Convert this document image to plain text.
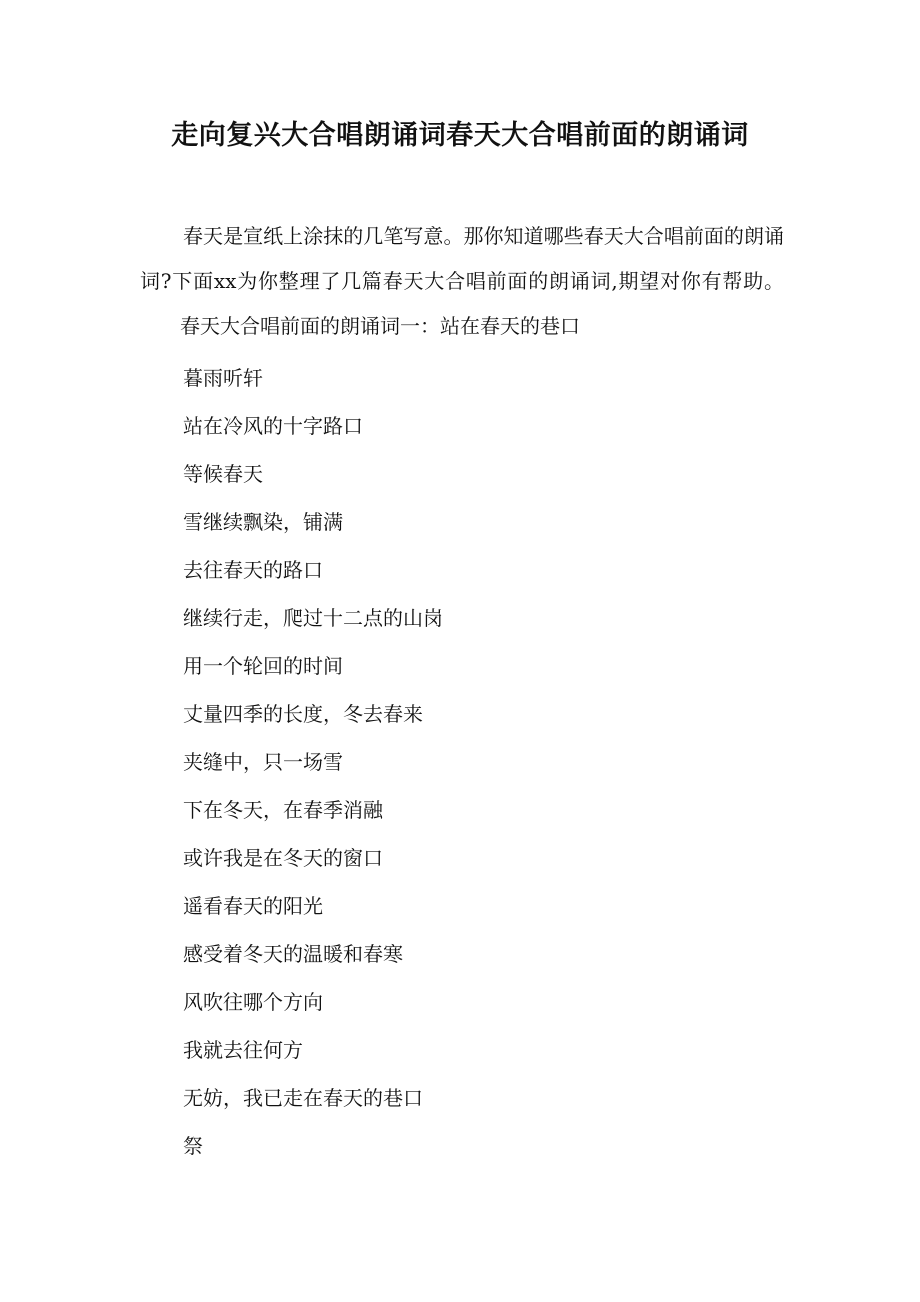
走向复兴大合唱朗诵词春天大合唱前面的朗诵词

春天是宣纸上涂抹的几笔写意。那你知道哪些春天大合唱前面的朗诵词?下面xx为你整理了几篇春天大合唱前面的朗诵词,期望对你有帮助。春天大合唱前面的朗诵词一：站在春天的巷口

暮雨听轩
站在冷风的十字路口
等候春天
雪继续飘染，铺满
去往春天的路口
继续行走，爬过十二点的山岗
用一个轮回的时间
丈量四季的长度，冬去春来
夹缝中，只一场雪
下在冬天，在春季消融
或许我是在冬天的窗口
遥看春天的阳光
感受着冬天的温暖和春寒
风吹往哪个方向
我就去往何方
无妨，我已走在春天的巷口
祭
